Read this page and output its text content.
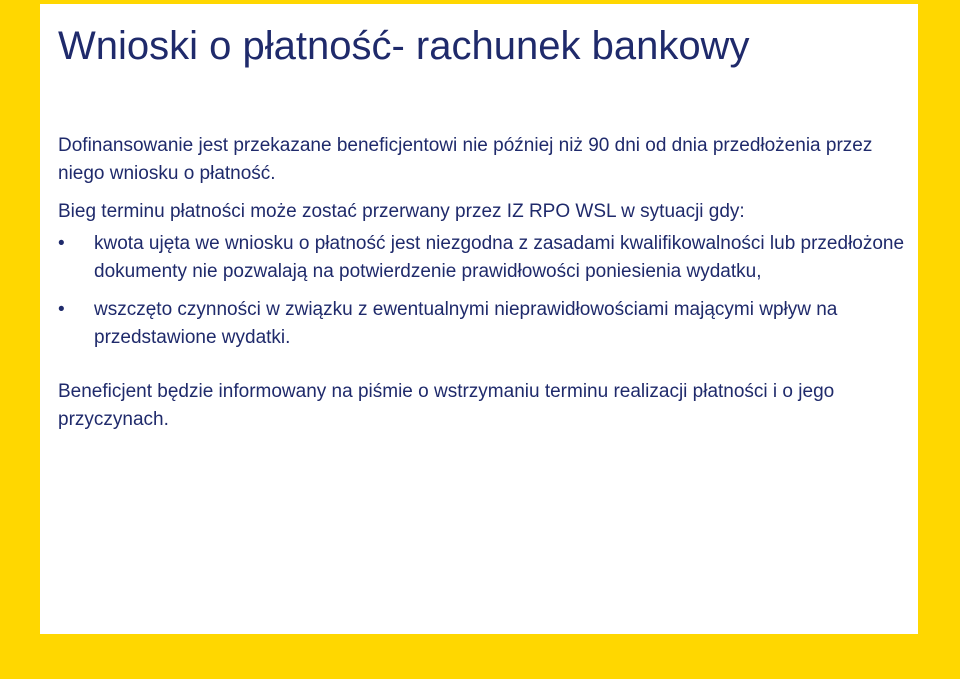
Wnioski o płatność- rachunek bankowy

Dofinansowanie jest przekazane beneficjentowi nie później niż 90 dni od dnia przedłożenia przez niego wniosku o płatność.

Bieg terminu płatności może zostać przerwany przez IZ RPO WSL w sytuacji gdy:

•	kwota ujęta we wniosku o płatność jest niezgodna z zasadami kwalifikowalności lub przedłożone dokumenty nie pozwalają na potwierdzenie prawidłowości poniesienia wydatku,
•	wszczęto czynności w związku z ewentualnymi nieprawidłowościami mającymi wpływ na przedstawione wydatki.

Beneficjent będzie informowany na piśmie o wstrzymaniu terminu realizacji płatności i o jego przyczynach.
